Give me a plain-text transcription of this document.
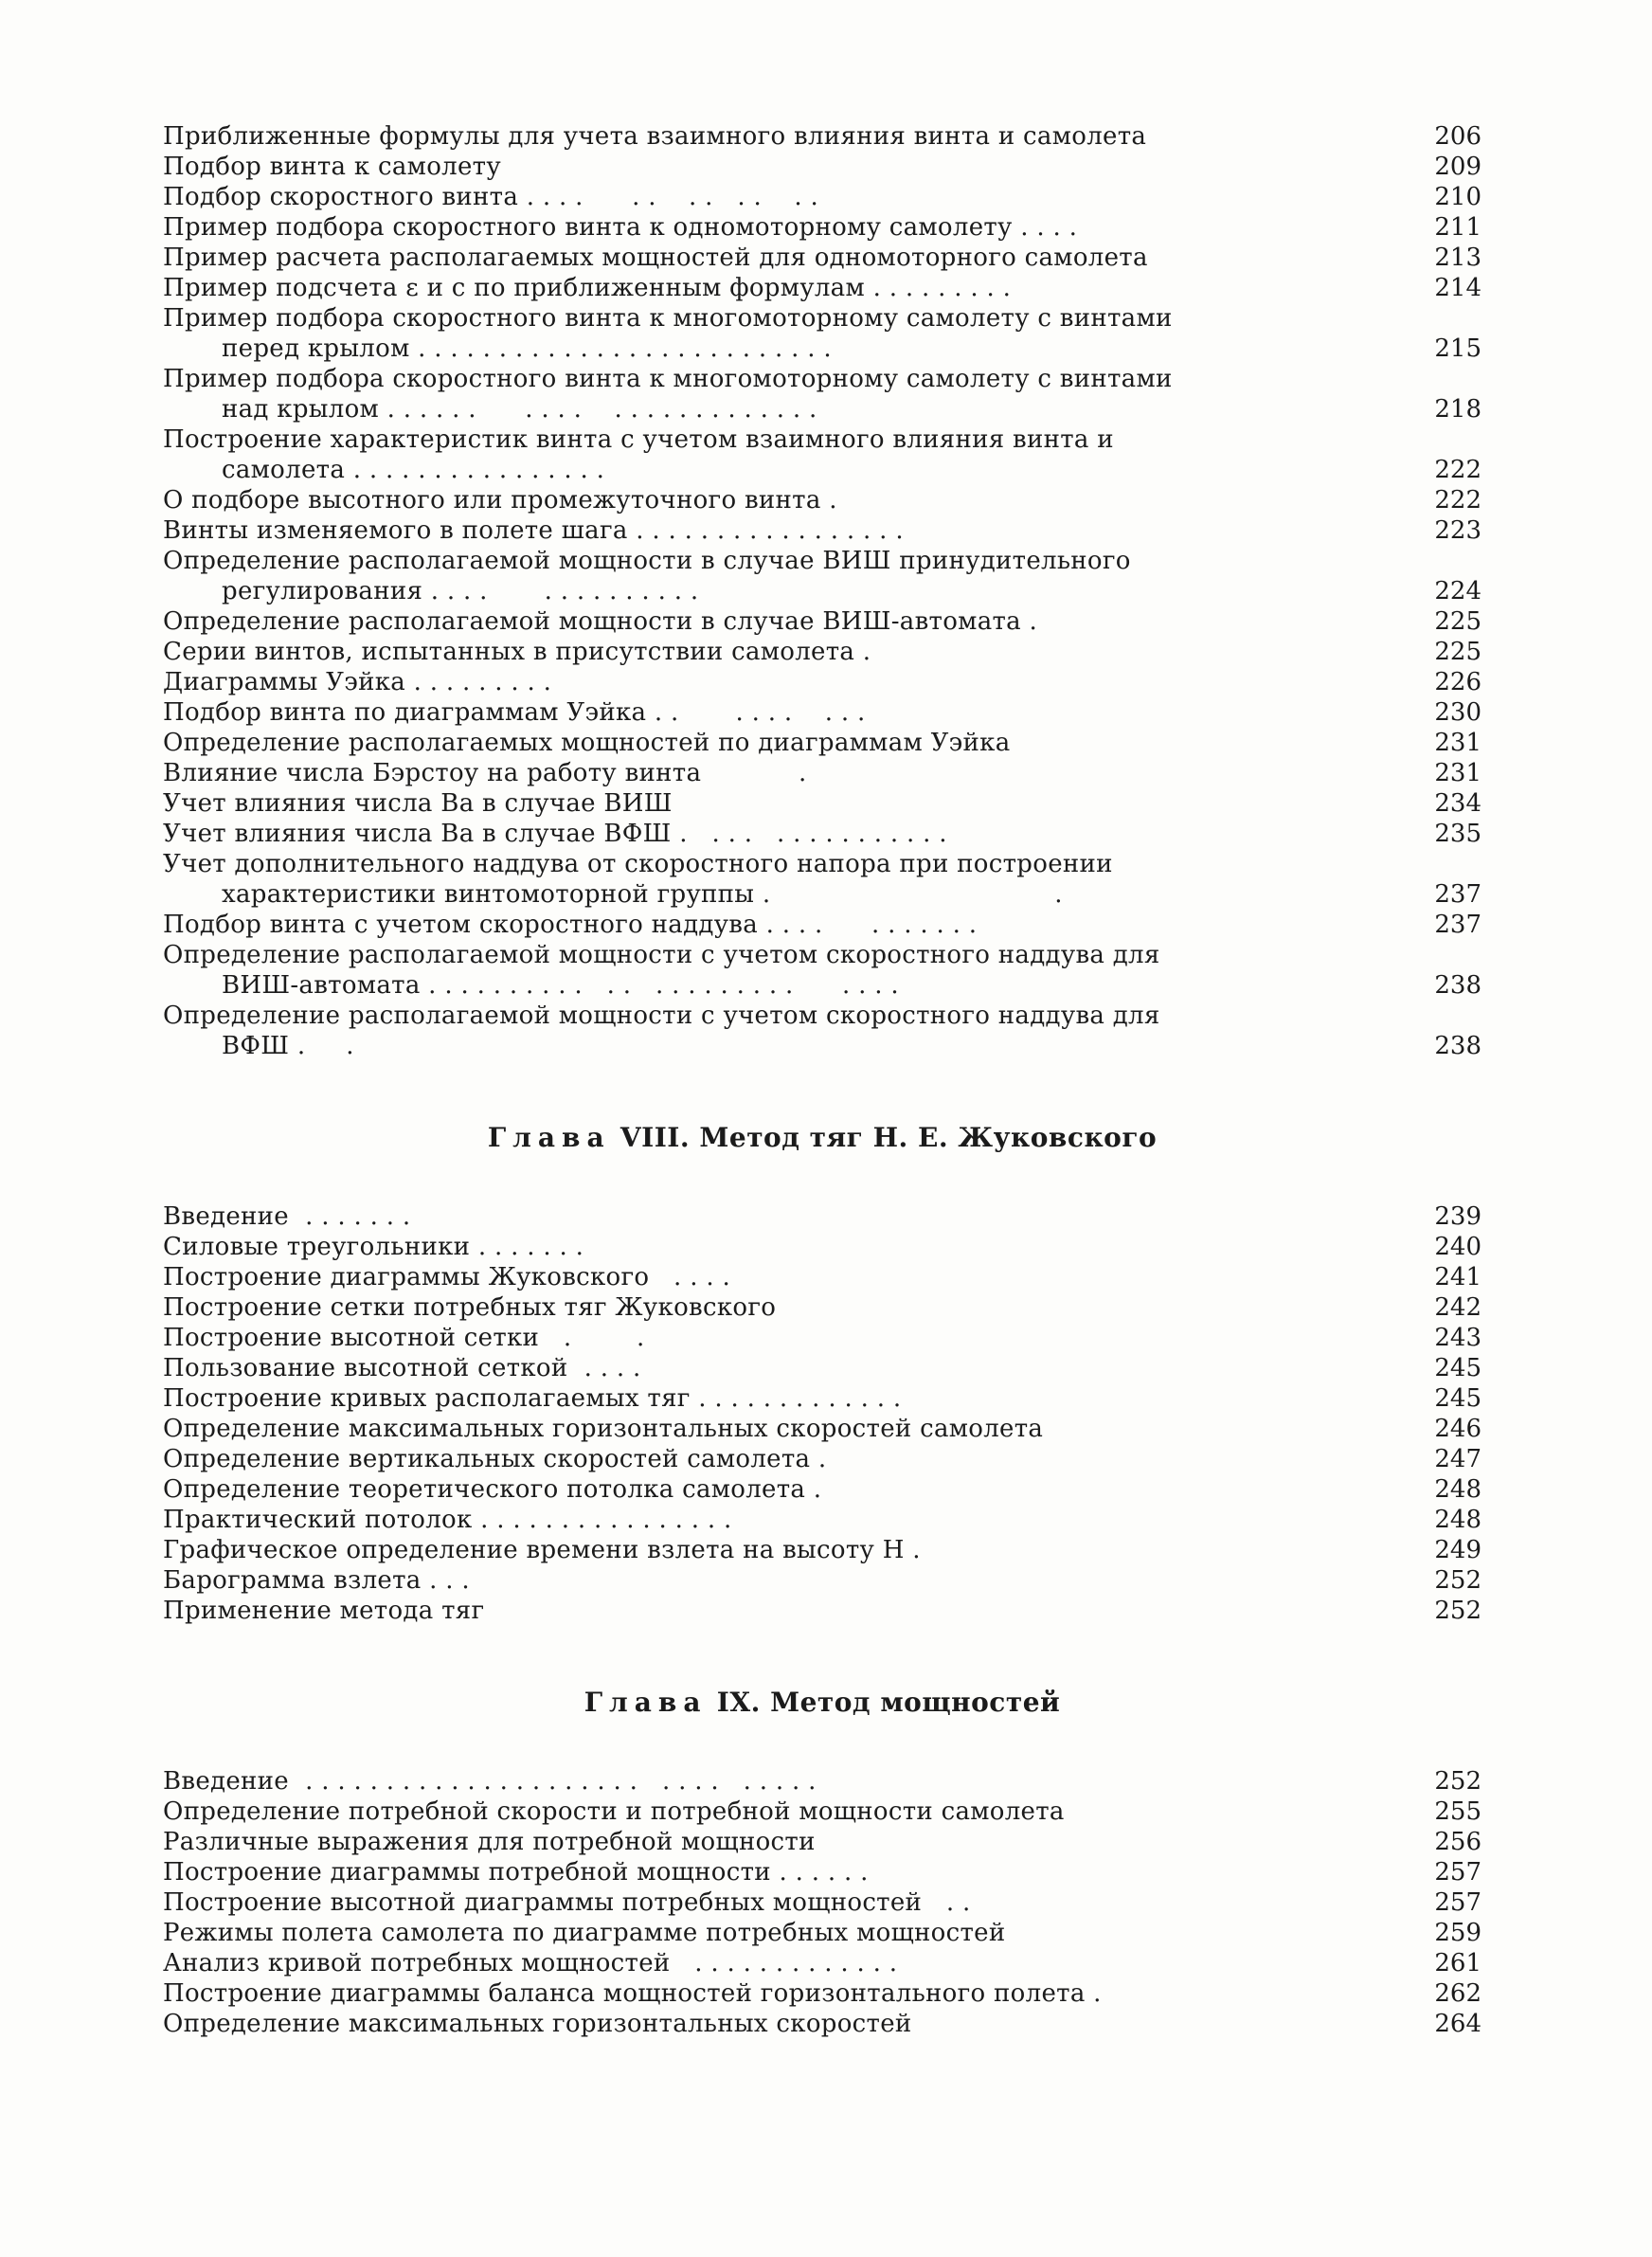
Приближенные формулы для учета взаимного влияния винта и самолета	206
Подбор винта к самолету	209
Подбор скоростного винта . . . .      . .    . .   . .    . .	210
Пример подбора скоростного винта к одномоторному самолету . . . .	211
Пример расчета располагаемых мощностей для одномоторного самолета	213
Пример подсчета ε и c по приближенным формулам . . . . . . . . .	214
Пример подбора скоростного винта к многомоторному самолету с винтами
перед крылом . . . . . . . . . . . . . . . . . . . . . . . . . .	215
Пример подбора скоростного винта к многомоторному самолету с винтами
над крылом . . . . . .      . . . .    . . . . . . . . . . . . .	218
Построение характеристик винта с учетом взаимного влияния винта и
самолета . . . . . . . . . . . . . . . .	222
О подборе высотного или промежуточного винта .	222
Винты изменяемого в полете шага . . . . . . . . . . . . . . . . .	223
Определение располагаемой мощности в случае ВИШ принудительного
регулирования . . . .       . . . . . . . . . .	224
Определение располагаемой мощности в случае ВИШ-автомата .	225
Серии винтов, испытанных в присутствии самолета .	225
Диаграммы Уэйка . . . . . . . . .	226
Подбор винта по диаграммам Уэйка . .       . . . .    . . .	230
Определение располагаемых мощностей по диаграммам Уэйка	231
Влияние числа Бэрстоу на работу винта            .	231
Учет влияния числа Ba в случае ВИШ	234
Учет влияния числа Ba в случае ВФШ .   . . .   . . . . . . . . . . .	235
Учет дополнительного наддува от скоростного напора при построении
характеристики винтомоторной группы .                                   .	237
Подбор винта с учетом скоростного наддува . . . .      . . . . . . .	237
Определение располагаемой мощности с учетом скоростного наддува для
ВИШ-автомата . . . . . . . . . .   . .   . . . . . . . . .      . . . .	238
Определение располагаемой мощности с учетом скоростного наддува для
ВФШ .     .	238
Глава VIII. Метод тяг Н. Е. Жуковского
Введение  . . . . . . .	239
Силовые треугольники . . . . . . .	240
Построение диаграммы Жуковского   . . . .	241
Построение сетки потребных тяг Жуковского	242
Построение высотной сетки   .        .	243
Пользование высотной сеткой  . . . .	245
Построение кривых располагаемых тяг . . . . . . . . . . . . .	245
Определение максимальных горизонтальных скоростей самолета	246
Определение вертикальных скоростей самолета .	247
Определение теоретического потолка самолета .	248
Практический потолок . . . . . . . . . . . . . . . .	248
Графическое определение времени взлета на высоту H .	249
Барограмма взлета . . .	252
Применение метода тяг	252
Глава IX. Метод мощностей
Введение  . . . . . . . . . . . . . . . . . . . . .   . . . .   . . . . .	252
Определение потребной скорости и потребной мощности самолета	255
Различные выражения для потребной мощности	256
Построение диаграммы потребной мощности . . . . . .	257
Построение высотной диаграммы потребных мощностей   . .	257
Режимы полета самолета по диаграмме потребных мощностей	259
Анализ кривой потребных мощностей   . . . . . . . . . . . . .	261
Построение диаграммы баланса мощностей горизонтального полета .	262
Определение максимальных горизонтальных скоростей	264
